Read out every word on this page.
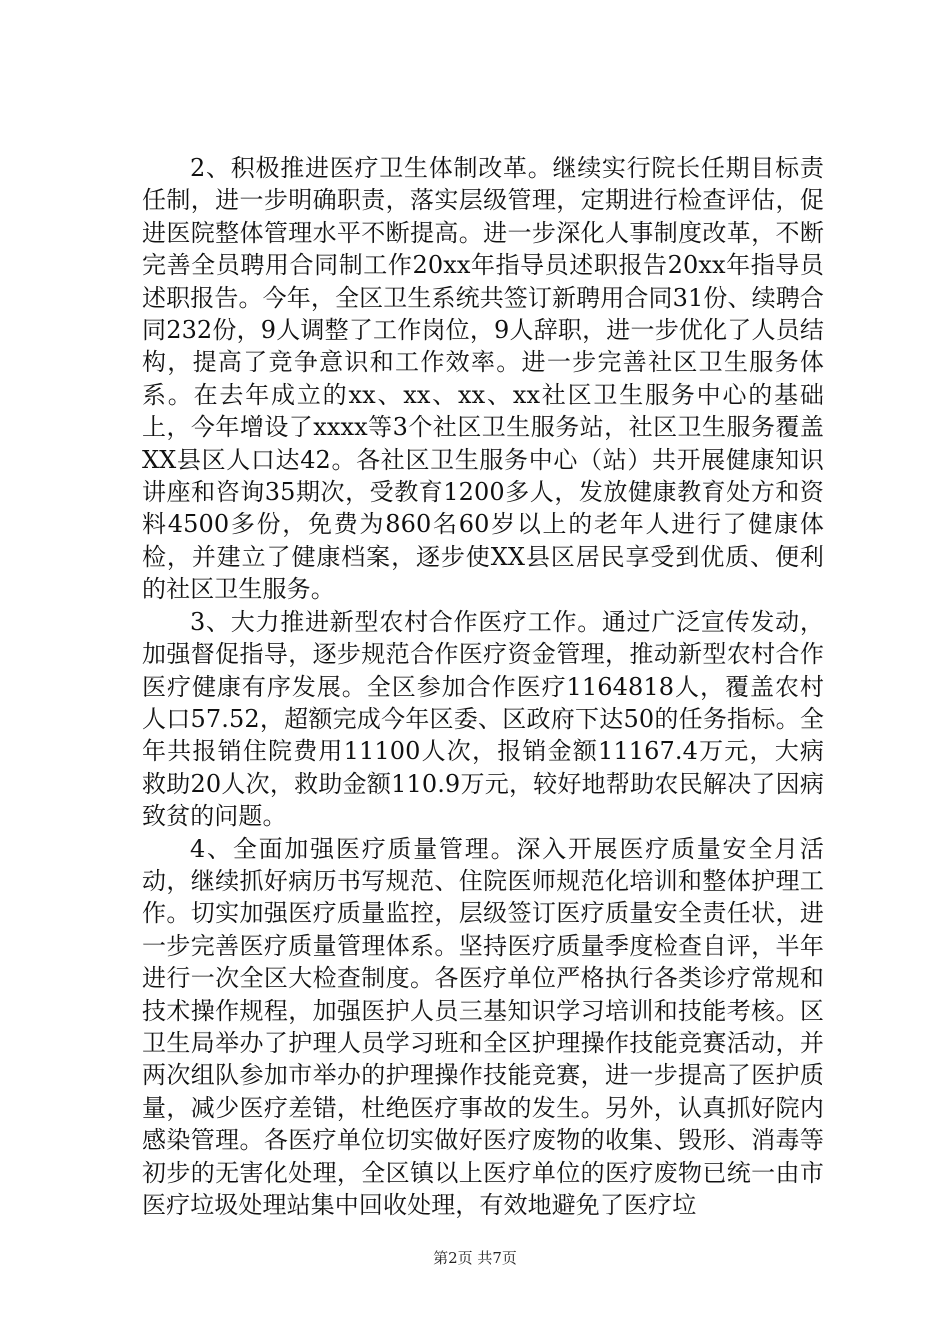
2、积极推进医疗卫生体制改革。继续实行院长任期目标责任制，进一步明确职责，落实层级管理，定期进行检查评估，促进医院整体管理水平不断提高。进一步深化人事制度改革，不断完善全员聘用合同制工作20xx年指导员述职报告20xx年指导员述职报告。今年，全区卫生系统共签订新聘用合同31份、续聘合同232份，9人调整了工作岗位，9人辞职，进一步优化了人员结构，提高了竞争意识和工作效率。进一步完善社区卫生服务体系。在去年成立的xx、xx、xx、xx社区卫生服务中心的基础上，今年增设了xxxx等3个社区卫生服务站，社区卫生服务覆盖XX县区人口达42。各社区卫生服务中心（站）共开展健康知识讲座和咨询35期次，受教育1200多人，发放健康教育处方和资料4500多份，免费为860名60岁以上的老年人进行了健康体检，并建立了健康档案，逐步使XX县区居民享受到优质、便利的社区卫生服务。

3、大力推进新型农村合作医疗工作。通过广泛宣传发动，加强督促指导，逐步规范合作医疗资金管理，推动新型农村合作医疗健康有序发展。全区参加合作医疗1164818人，覆盖农村人口57.52，超额完成今年区委、区政府下达50的任务指标。全年共报销住院费用11100人次，报销金额11167.4万元，大病救助20人次，救助金额110.9万元，较好地帮助农民解决了因病致贫的问题。

4、全面加强医疗质量管理。深入开展医疗质量安全月活动，继续抓好病历书写规范、住院医师规范化培训和整体护理工作。切实加强医疗质量监控，层级签订医疗质量安全责任状，进一步完善医疗质量管理体系。坚持医疗质量季度检查自评，半年进行一次全区大检查制度。各医疗单位严格执行各类诊疗常规和技术操作规程，加强医护人员三基知识学习培训和技能考核。区卫生局举办了护理人员学习班和全区护理操作技能竞赛活动，并两次组队参加市举办的护理操作技能竞赛，进一步提高了医护质量，减少医疗差错，杜绝医疗事故的发生。另外，认真抓好院内感染管理。各医疗单位切实做好医疗废物的收集、毁形、消毒等初步的无害化处理，全区镇以上医疗单位的医疗废物已统一由市医疗垃圾处理站集中回收处理，有效地避免了医疗垃

第2页 共7页
